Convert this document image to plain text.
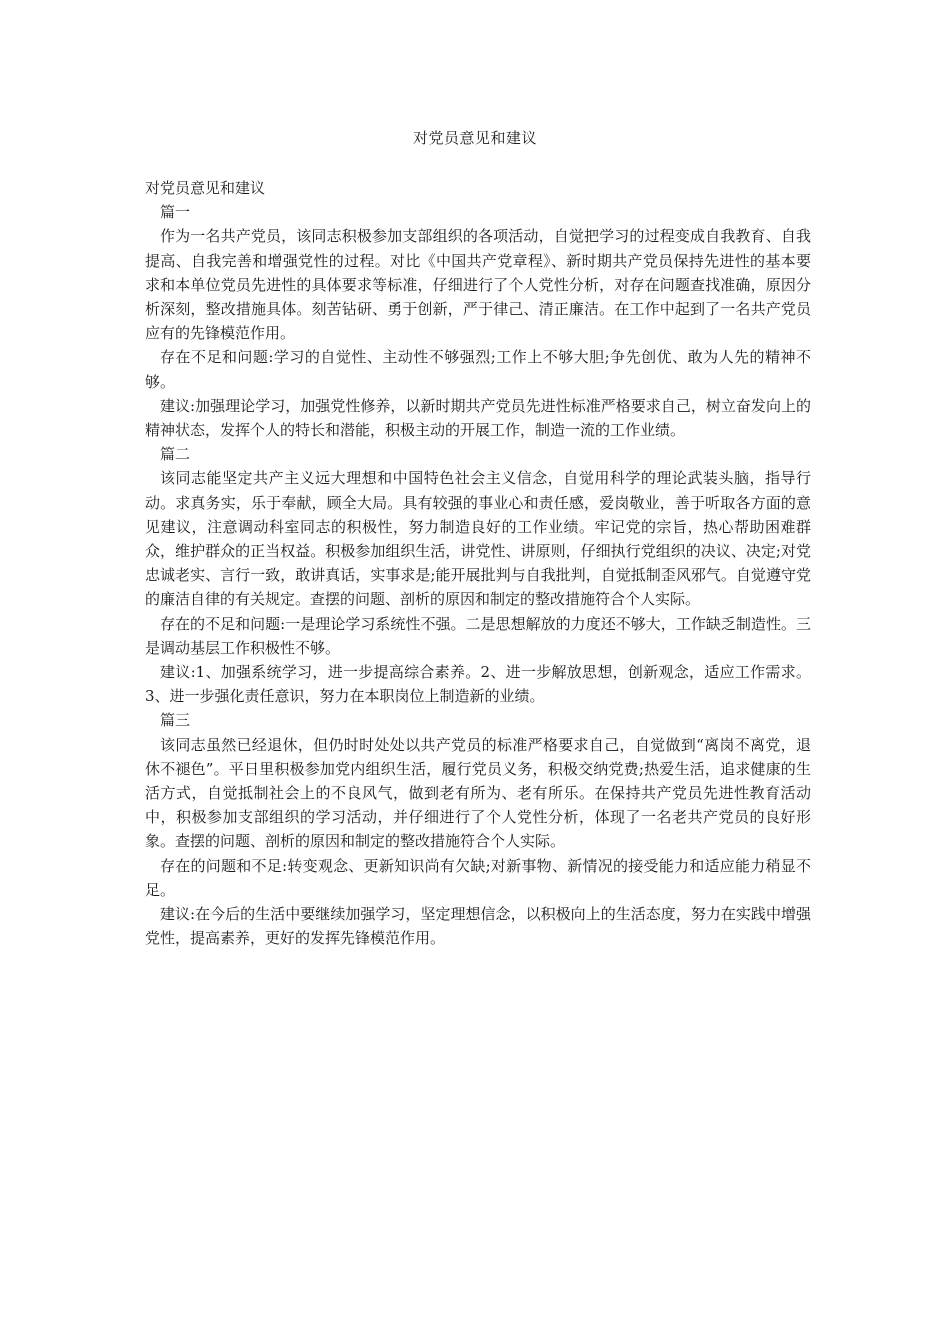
对党员意见和建议

对党员意见和建议

篇一

作为一名共产党员，该同志积极参加支部组织的各项活动，自觉把学习的过程变成自我教育、自我提高、自我完善和增强党性的过程。对比《中国共产党章程》、新时期共产党员保持先进性的基本要求和本单位党员先进性的具体要求等标准，仔细进行了个人党性分析，对存在问题查找准确，原因分析深刻，整改措施具体。刻苦钻研、勇于创新，严于律己、清正廉洁。在工作中起到了一名共产党员应有的先锋模范作用。

存在不足和问题:学习的自觉性、主动性不够强烈;工作上不够大胆;争先创优、敢为人先的精神不够。

建议:加强理论学习，加强党性修养，以新时期共产党员先进性标准严格要求自己，树立奋发向上的精神状态，发挥个人的特长和潜能，积极主动的开展工作，制造一流的工作业绩。

篇二

该同志能坚定共产主义远大理想和中国特色社会主义信念，自觉用科学的理论武装头脑，指导行动。求真务实，乐于奉献，顾全大局。具有较强的事业心和责任感，爱岗敬业，善于听取各方面的意见建议，注意调动科室同志的积极性，努力制造良好的工作业绩。牢记党的宗旨，热心帮助困难群众，维护群众的正当权益。积极参加组织生活，讲党性、讲原则，仔细执行党组织的决议、决定;对党忠诚老实、言行一致，敢讲真话，实事求是;能开展批判与自我批判，自觉抵制歪风邪气。自觉遵守党的廉洁自律的有关规定。查摆的问题、剖析的原因和制定的整改措施符合个人实际。

存在的不足和问题:一是理论学习系统性不强。二是思想解放的力度还不够大，工作缺乏制造性。三是调动基层工作积极性不够。

建议:1、加强系统学习，进一步提高综合素养。2、进一步解放思想，创新观念，适应工作需求。3、进一步强化责任意识，努力在本职岗位上制造新的业绩。

篇三

该同志虽然已经退休，但仍时时处处以共产党员的标准严格要求自己，自觉做到“离岗不离党，退休不褪色”。平日里积极参加党内组织生活，履行党员义务，积极交纳党费;热爱生活，追求健康的生活方式，自觉抵制社会上的不良风气，做到老有所为、老有所乐。在保持共产党员先进性教育活动中，积极参加支部组织的学习活动，并仔细进行了个人党性分析，体现了一名老共产党员的良好形象。查摆的问题、剖析的原因和制定的整改措施符合个人实际。

存在的问题和不足:转变观念、更新知识尚有欠缺;对新事物、新情况的接受能力和适应能力稍显不足。

建议:在今后的生活中要继续加强学习，坚定理想信念，以积极向上的生活态度，努力在实践中增强党性，提高素养，更好的发挥先锋模范作用。
